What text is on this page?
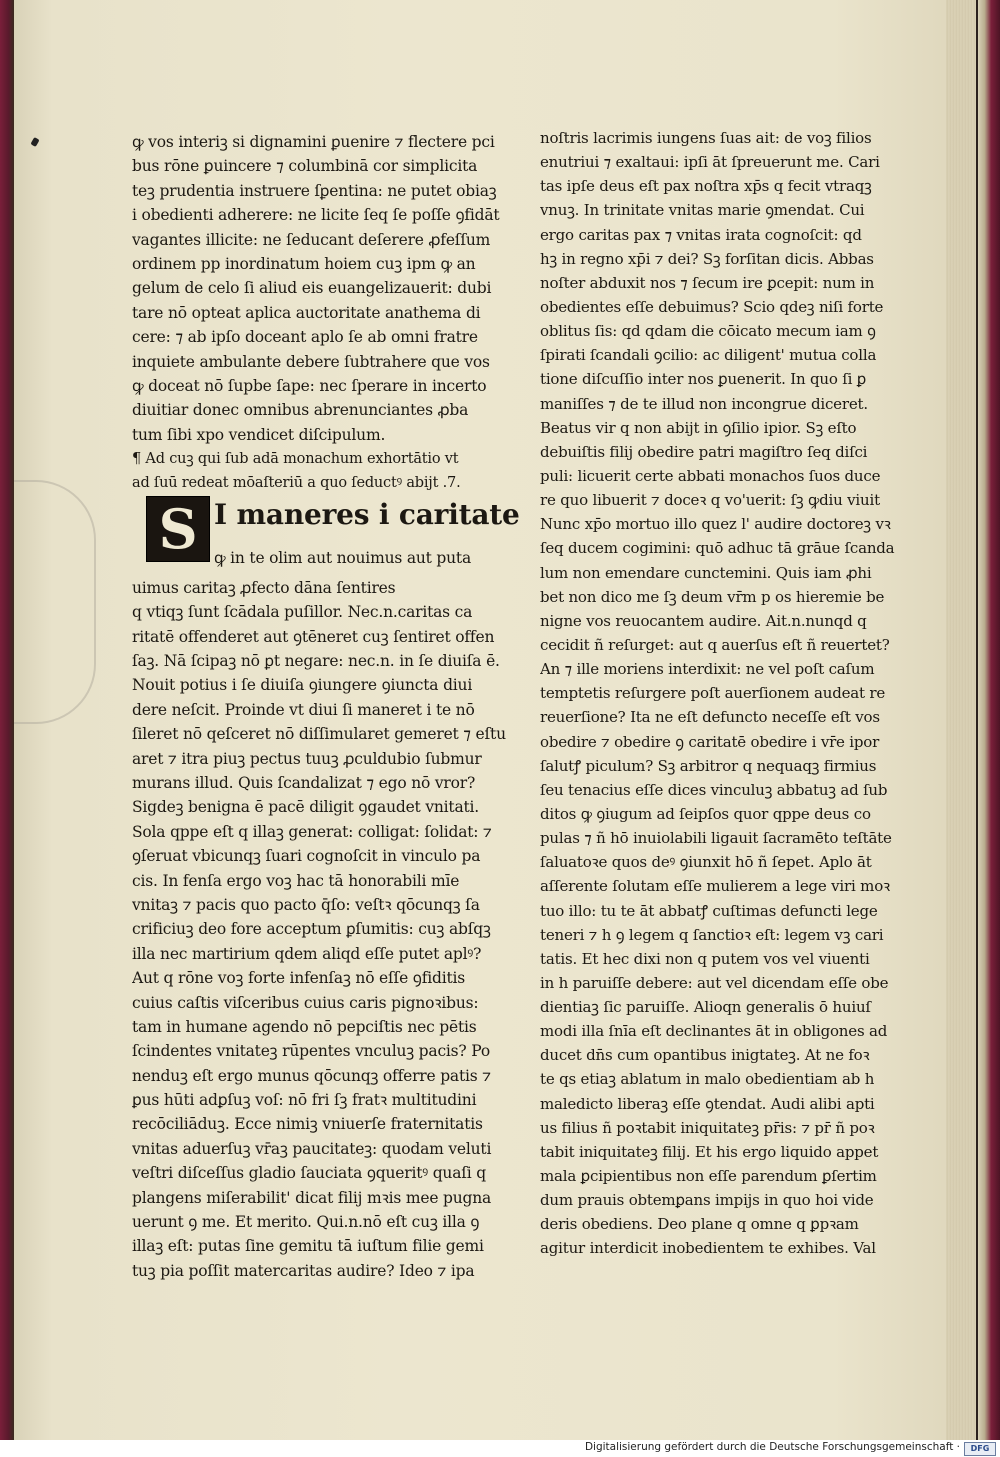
ꝙ vos interiꝫ si dignamini ꝑuenire ⁊ flectere pci
bus rōne ꝑuincere ⁊ columbinā cor simplicita
teꝫ prudentia instruere ſꝑentina: ne putet obiaꝫ
i obedienti adherere: ne licite ſeq ſe poſſe ꝯfidāt
vagantes illicite: ne ſeducant deſerere ꝓfeſſum
ordinem pp inordinatum hoiem cuꝫ ipm ꝙ an
gelum de celo ſi aliud eis euangelizauerit: dubi
tare nō opteat aplica auctoritate anathema di
cere: ⁊ ab ipſo doceant aplo ſe ab omni fratre
inquiete ambulante debere ſubtrahere que vos
ꝙ doceat nō ſupbe ſape: nec ſperare in incerto
diuitiar donec omnibus abrenunciantes ꝓba
tum ſibi xpo vendicet diſcipulum.
¶ Ad cuꝫ qui ſub adā monachum exhortātio vt
ad ſuū redeat mōaſteriū a quo ſeductꝰ abijt .7.
S I maneres i caritate
ꝙ in te olim aut nouimus aut puta
uimus caritaꝫ ꝓfecto dāna ſentires
q vtiqꝫ ſunt ſcādala puſillor. Nec.n.caritas ca
ritatē offenderet aut ꝯtēneret cuꝫ ſentiret offen
ſaꝫ. Nā ſcipaꝫ nō ꝑt negare: nec.n. in ſe diuiſa ē.
Nouit potius i ſe diuiſa ꝯiungere ꝯiuncta diui
dere neſcit. Proinde vt diui ſi maneret i te nō
ſileret nō qeſceret nō diſſimularet gemeret ⁊ eſtu
aret ⁊ itra piuꝫ pectus tuuꝫ ꝓculdubio ſubmur
murans illud. Quis ſcandalizat ⁊ ego nō vror?
Sigdeꝫ benigna ē pacē diligit ꝯgaudet vnitati.
Sola qppe eſt q illaꝫ generat: colligat: ſolidat: ⁊
ꝯſeruat vbicunqꝫ ſuari cognoſcit in vinculo pa
cis. In fenſa ergo voꝫ hac tā honorabili mīe
vnitaꝫ ⁊ pacis quo pacto q̄ſo: veſtꝛ qōcunqꝫ ſa
crificiuꝫ deo fore acceptum ꝑſumitis: cuꝫ abſqꝫ
illa nec martirium qdem aliqd eſſe putet aplꝰ?
Aut q rōne voꝫ forte infenſaꝫ nō eſſe ꝯfiditis
cuius caſtis viſceribus cuius caris pignoꝛibus:
tam in humane agendo nō pepciſtis nec pētis
ſcindentes vnitateꝫ rūpentes vnculuꝫ pacis? Po
nenduꝫ eſt ergo munus qōcunqꝫ offerre patis ⁊
ꝑus hūti adꝑſuꝫ voſ: nō fri ſꝫ fratꝛ multitudini
recōciliāduꝫ. Ecce nimiꝫ vniuerſe fraternitatis
vnitas aduerſuꝫ vr̄aꝫ paucitateꝫ: quodam veluti
veſtri diſceſſus gladio ſauciata ꝯqueritꝰ quaſi q
plangens miſerabilit' dicat filij mꝛis mee pugna
uerunt ꝯ me. Et merito. Qui.n.nō eſt cuꝫ illa ꝯ
illaꝫ eſt: putas ſine gemitu tā iuſtum filie gemi
tuꝫ pia poſſit matercaritas audire? Ideo ⁊ ipa
noſtris lacrimis iungens ſuas ait: de voꝫ filios
enutriui ⁊ exaltaui: ipſi āt ſpreuerunt me. Cari
tas ipſe deus eſt pax noſtra xp̄s q fecit vtraqꝫ
vnuꝫ. In trinitate vnitas marie ꝯmendat. Cui
ergo caritas pax ⁊ vnitas irata cognoſcit: qd
hꝫ in regno xp̄i ⁊ dei? Sꝫ forſitan dicis. Abbas
noſter abduxit nos ⁊ ſecum ire ꝑcepit: num in
obedientes eſſe debuimus? Scio qdeꝫ niſi forte
oblitus ſis: qd qdam die cōicato mecum iam ꝯ
ſpirati ſcandali ꝯcilio: ac diligent' mutua colla
tione diſcuſſio inter nos ꝑuenerit. In quo ſi ꝑ
maniſſes ⁊ de te illud non incongrue diceret.
Beatus vir q non abijt in ꝯſilio ipior. Sꝫ eſto
debuiſtis filij obedire patri magiſtro ſeq diſci
puli: licuerit certe abbati monachos ſuos duce
re quo libuerit ⁊ doceꝛ q vo'uerit: ſꝫ ꝙdiu viuit
Nunc xp̄o mortuo illo quez l' audire doctoreꝫ vꝛ
ſeq ducem cogimini: quō adhuc tā grāue ſcanda
lum non emendare cunctemini. Quis iam ꝓhi
bet non dico me ſꝫ deum vr̄m p os hieremie be
nigne vos reuocantem audire. Ait.n.nunqd q
cecidit ñ reſurget: aut q auerſus eſt ñ reuertet?
An ⁊ ille moriens interdixit: ne vel poſt caſum
temptetis reſurgere poſt auerſionem audeat re
reuerſione? Ita ne eſt defuncto neceſſe eſt vos
obedire ⁊ obedire ꝯ caritatē obedire i vr̄e ipor
ſalutꝭ piculum? Sꝫ arbitror q nequaqꝫ firmius
ſeu tenacius eſſe dices vinculuꝫ abbatuꝫ ad ſub
ditos ꝙ ꝯiugum ad ſeipſos quor qppe deus co
pulas ⁊ ñ hō inuiolabili ligauit ſacramēto teſtāte
ſaluatoꝛe quos deꝰ ꝯiunxit hō ñ ſepet. Aplo āt
aſſerente ſolutam eſſe mulierem a lege viri moꝛ
tuo illo: tu te āt abbatꝭ cuſtimas defuncti lege
teneri ⁊ h ꝯ legem q ſanctioꝛ eſt: legem vꝫ cari
tatis. Et hec dixi non q putem vos vel viuenti
in h paruiſſe debere: aut vel dicendam eſſe obe
dientiaꝫ ſic paruiſſe. Alioqn generalis ō huiuſ
modi illa ſnīa eſt declinantes āt in obligones ad
ducet dn̄s cum opantibus inigtateꝫ. At ne foꝛ
te qs etiaꝫ ablatum in malo obedientiam ab h
maledicto liberaꝫ eſſe ꝯtendat. Audi alibi apti
us filius ñ poꝛtabit iniquitateꝫ pr̄is: ⁊ pr̄ ñ poꝛ
tabit iniquitateꝫ filij. Et his ergo liquido appet
mala ꝑcipientibus non eſſe parendum ꝑſertim
dum prauis obtemꝑans impijs in quo hoi vide
deris obediens. Deo plane q omne q ꝑpꝛam
agitur interdicit inobedientem te exhibes. Val
Digitalisierung gefördert durch die Deutsche Forschungsgemeinschaft ·	DFG
